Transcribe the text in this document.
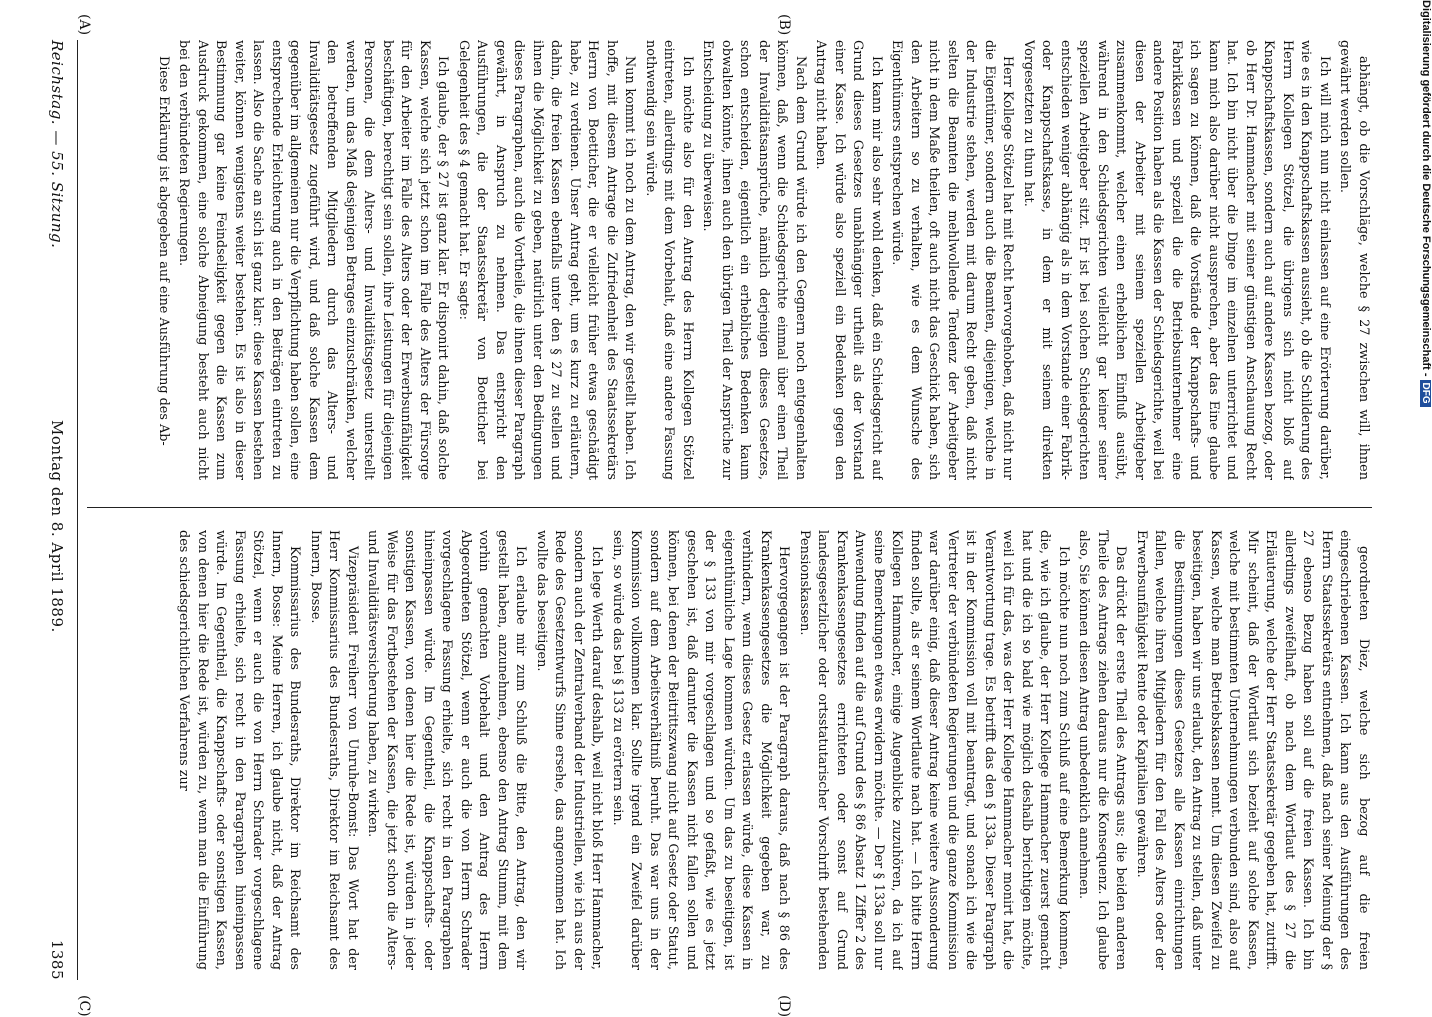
Reichstag. — 55. Sitzung.
Montag den 8. April 1889.
1385

abhängt, ob die Vorschläge, welche § 27 zwischen will, ihnen gewährt werden sollen.

Ich will mich nun nicht einlassen auf eine Erörterung darüber, wie es in den Knappschaftskassen aussieht, ob die Schilderung des Herrn Kollegen Stötzel, die übrigens sich nicht bloß auf Knappschaftskassen, sondern auch auf andere Kassen bezog, oder ob Herr Dr. Hammacher mit seiner günstigen Anschauung Recht hat. Ich bin nicht über die Dinge im einzelnen unterrichtet und kann mich also darüber nicht aussprechen, aber das Eine glaube ich sagen zu können, daß die Vorstände der Knappschafts- und Fabrikkassen und speziell die die Betriebsunternehmer eine andere Position haben als die Kassen der Schiedsgerichte, weil bei diesen der Arbeiter mit seinem speziellen Arbeitgeber zusammenkommt, welcher einen erheblichen Einfluß ausübt, während in den Schiedsgerichten vielleicht gar keiner seiner speziellen Arbeitgeber sitzt. Er ist bei solchen Schiedsgerichten entschieden weniger abhängig als in dem Vorstande einer Fabrik- oder Knappschaftskasse, in dem er mit seinem direkten Vorgesetzten zu thun hat.

Herr Kollege Stötzel hat mit Recht hervorgehoben, daß nicht nur die Eigentümer, sondern auch die Beamten, diejenigen, welche in der Industrie stehen, werden mit darum Recht geben, daß nicht selten die Beamten die mehlwollende Tendenz der Arbeitgeber nicht in dem Maße theilen, oft auch nicht das Geschick haben, sich den Arbeitern so zu verhalten, wie es dem Wunsche des Eigenthümers entsprechen würde.

Ich kann mir also sehr wohl denken, daß ein Schiedsgericht auf Grund dieses Gesetzes unabhängiger urtheilt als der Vorstand einer Kasse. Ich würde also speziell ein Bedenken gegen den Antrag nicht haben.

Nach dem Grund würde ich den Gegnern noch entgegenhalten können, daß, wenn die Schiedsgerichte einmal über einen Theil der Invaliditätsansprüche, nämlich derjenigen dieses Gesetzes, schon entscheiden, eigentlich ein erhebliches Bedenken kaum obwalten könnte, ihnen auch den übrigen Theil der Ansprüche zur Entscheidung zu überweisen.

Ich möchte also für den Antrag des Herrn Kollegen Stötzel eintreten, allerdings mit dem Vorbehalt, daß eine andere Fassung nothwendig sein würde.

Nun kommt ich noch zu dem Antrag, den wir gestellt haben. Ich hoffe, mit diesem Antrage die Zufriedenheit des Staatssekretärs Herrn von Boetticher, die er vielleicht früher etwas geschädigt habe, zu verdienen. Unser Antrag geht, um es kurz zu erläutern, dahin, die freien Kassen ebenfalls unter den § 27 zu stellen und ihnen die Möglichkeit zu geben, natürlich unter den Bedingungen dieses Paragraphen, auch die Vortheile, die ihnen dieser Paragraph gewährt, in Anspruch zu nehmen. Das entspricht den Ausführungen, die der Staatssekretär von Boetticher bei Gelegenheit des § 4 gemacht hat. Er sagte:

Ich glaube, der § 27 ist ganz klar. Er disponirt dahin, daß solche Kassen, welche sich jetzt schon im Falle des Alters der Fürsorge für den Arbeiter im Falle des Alters oder der Erwerbsunfähigkeit beschäftigen, berechtigt sein sollen, ihre Leistungen für diejenigen Personen, die dem Alters- und Invaliditätsgesetz unterstellt werden, um das Maß desjenigen Betrages einzuschränken, welcher den betreffenden Mitgliedern durch das Alters- und Invaliditätsgesetz zugeführt wird, und daß solche Kassen dem gegenüber im allgemeinen nur die Verpflichtung haben sollen, eine entsprechende Erleichterung auch in den Beiträgen eintreten zu lassen. Also die Sache an sich ist ganz klar: diese Kassen bestehen weiter, können wenigstens weiter bestehen. Es ist also in dieser Bestimmung gar keine Feindseligkeit gegen die Kassen zum Ausdruck gekommen, eine solche Abneigung besteht auch nicht bei den verbündeten Regierungen.

Diese Erklärung ist abgegeben auf eine Ausführung des Ab-

geordneten Diez, welche sich bezog auf die freien eingeschriebenen Kassen. Ich kann aus den Ausführungen des Herrn Staatssekretärs entnehmen, daß nach seiner Meinung der § 27 ebenso Bezug haben soll auf die freien Kassen. Ich bin allerdings zweifelhaft, ob nach dem Wortlaut des § 27 die Erläuterung, welche der Herr Staatssekretär gegeben hat, zutrifft. Mir scheint, daß der Wortlaut sich bezieht auf solche Kassen, welche mit bestimmten Unternehmungen verbunden sind, also auf Kassen, welche man Betriebskassen nennt. Um diesen Zweifel zu beseitigen, haben wir uns erlaubt, den Antrag zu stellen, daß unter die Bestimmungen dieses Gesetzes alle Kassen einrichtungen fallen, welche ihren Mitgliedern für den Fall des Alters oder der Erwerbsunfähigkeit Rente oder Kapitalien gewähren.

Das drückt der erste Theil des Antrags aus; die beiden anderen Theile des Antrags ziehen daraus nur die Konsequenz. Ich glaube also, Sie können diesen Antrag unbedenklich annehmen.

Ich möchte nun noch zum Schluß auf eine Bemerkung kommen, die, wie ich glaube, der Herr Kollege Hammacher zuerst gemacht hat und die ich so bald wie möglich deshalb berichtigen möchte, weil ich für das, was der Herr Kollege Hammacher monirt hat, die Verantwortung trage. Es betrifft das den § 133a. Dieser Paragraph ist in der Kommission voll mit beantragt, und sonach ich wie die Vertreter der verbündeten Regierungen und die ganze Kommission war darüber einig, daß dieser Antrag keine weitere Aussonderung finden sollte, als er seinem Wortlaute nach hat. — Ich bitte Herrn Kollegen Hammacher, einige Augenblicke zuzuhören, da ich auf seine Bemerkungen etwas erwidern möchte. — Der § 133a soll nur Anwendung finden auf die auf Grund des § 86 Absatz 1 Ziffer 2 des Krankenkassengesetzes errichteten oder sonst auf Grund landesgesetzlicher oder ortsstatutarischer Vorschrift bestehenden Pensionskassen.

Hervorgegangen ist der Paragraph daraus, daß nach § 86 des Krankenkassengesetzes die Möglichkeit gegeben war, zu verhindern, wenn dieses Gesetz erlassen würde, diese Kassen in eigenthümliche Lage kommen würden. Um das zu beseitigen, ist der § 133 von mir vorgeschlagen und so gefaßt, wie es jetzt geschehen ist, daß darunter die Kassen nicht fallen sollen und können, bei denen der Beitrittszwang nicht auf Gesetz oder Statut, sondern auf dem Arbeitsverhältniß beruht. Das war uns in der Kommission vollkommen klar. Sollte irgend ein Zweifel darüber sein, so würde das bei § 133 zu erörtern sein.

Ich lege Werth darauf deshalb, weil nicht bloß Herr Hammacher, sondern auch der Zentralverband der Industriellen, wie ich aus der Rede des Gesetzentwurfs Sinne ersehe, das angenommen hat. Ich wollte das beseitigen.

Ich erlaube mir zum Schluß die Bitte, den Antrag, den wir gestellt haben, anzunehmen, ebenso den Antrag Stumm, mit dem vorhin gemachten Vorbehalt und den Antrag des Herrn Abgeordneten Stötzel, wenn er auch die von Herrn Schrader vorgeschlagene Fassung erhielte, sich recht in den Paragraphen hineinpassen würde. Im Gegentheil, die Knappschafts- oder sonstigen Kassen, von denen hier die Rede ist, würden in jeder Weise für das Fortbestehen der Kassen, die jetzt schon die Alters- und Invaliditätsversicherung haben, zu wirken.

Vizepräsident Freiherr von Unruhe-Bomst: Das Wort hat der Herr Kommissarius des Bundesraths, Direktor im Reichsamt des Innern, Bosse.

Kommissarius des Bundesraths, Direktor im Reichsamt des Innern, Bosse: Meine Herren, ich glaube nicht, daß der Antrag Stötzel, wenn er auch die von Herrn Schrader vorgeschlagene Fassung erhielte, sich recht in den Paragraphen hineinpassen würde. Im Gegentheil, die Knappschafts- oder sonstigen Kassen, von denen hier die Rede ist, würden zu, wenn man die Einführung des schiedsgerichtlichen Verfahrens zur

(A)	(B)
(C)	(D)
Digitalisierung gefördert durch die Deutsche Forschungsgemeinschaft -DFG
